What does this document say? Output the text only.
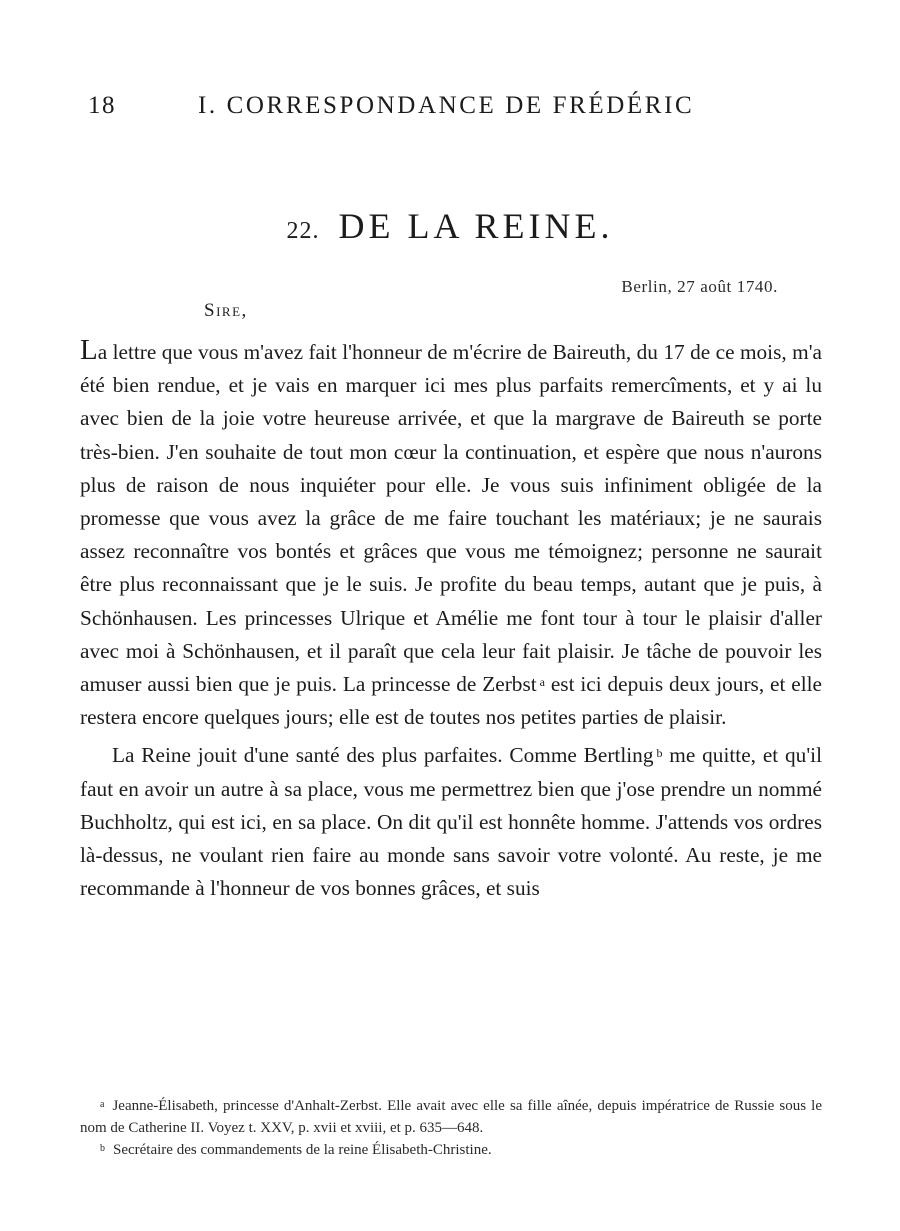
18	I. CORRESPONDANCE DE FRÉDÉRIC
22. DE LA REINE.
Berlin, 27 août 1740.
Sire,

La lettre que vous m'avez fait l'honneur de m'écrire de Baireuth, du 17 de ce mois, m'a été bien rendue, et je vais en marquer ici mes plus parfaits remercîments, et y ai lu avec bien de la joie votre heureuse arrivée, et que la margrave de Baireuth se porte très-bien. J'en souhaite de tout mon cœur la continuation, et espère que nous n'aurons plus de raison de nous inquiéter pour elle. Je vous suis infiniment obligée de la promesse que vous avez la grâce de me faire touchant les matériaux; je ne saurais assez reconnaître vos bontés et grâces que vous me témoignez; personne ne saurait être plus reconnaissant que je le suis. Je profite du beau temps, autant que je puis, à Schönhausen. Les princesses Ulrique et Amélie me font tour à tour le plaisir d'aller avec moi à Schönhausen, et il paraît que cela leur fait plaisir. Je tâche de pouvoir les amuser aussi bien que je puis. La princesse de Zerbst $^a$ est ici depuis deux jours, et elle restera encore quelques jours; elle est de toutes nos petites parties de plaisir.

La Reine jouit d'une santé des plus parfaites. Comme Bertling $^b$ me quitte, et qu'il faut en avoir un autre à sa place, vous me permettrez bien que j'ose prendre un nommé Buchholtz, qui est ici, en sa place. On dit qu'il est honnête homme. J'attends vos ordres là-dessus, ne voulant rien faire au monde sans savoir votre volonté. Au reste, je me recommande à l'honneur de vos bonnes grâces, et suis

$^a$ Jeanne-Élisabeth, princesse d'Anhalt-Zerbst. Elle avait avec elle sa fille aînée, depuis impératrice de Russie sous le nom de Catherine II. Voyez t. XXV, p. xvii et xviii, et p. 635—648.
$^b$ Secrétaire des commandements de la reine Élisabeth-Christine.
